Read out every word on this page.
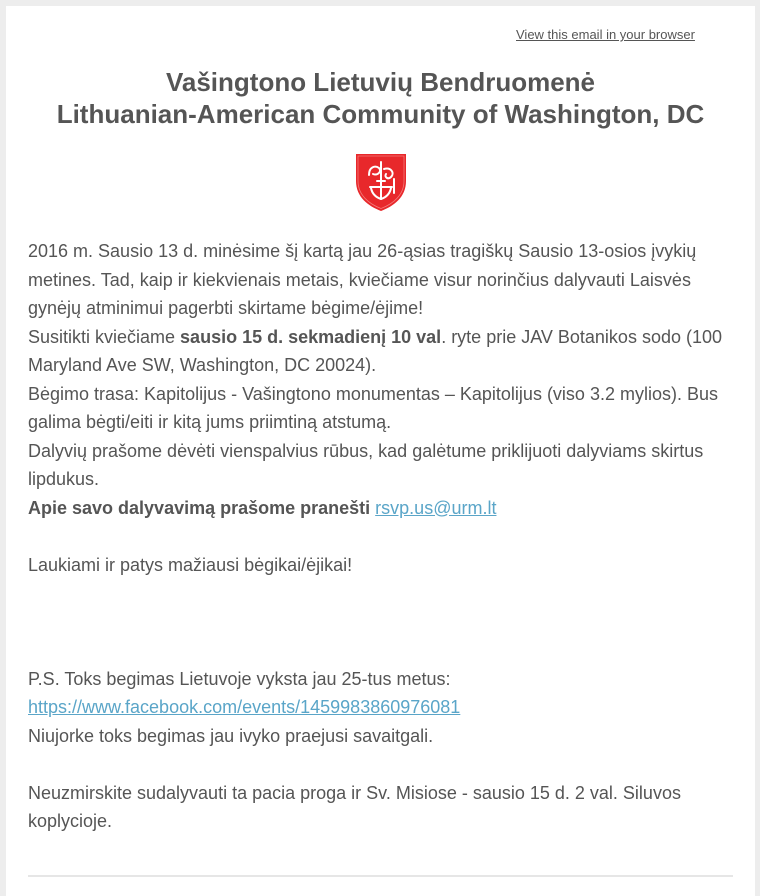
View this email in your browser
Vašingtono Lietuvių Bendruomenė
Lithuanian-American Community of Washington, DC

2016 m. Sausio 13 d. minėsime šį kartą jau 26-ąsias tragiškų Sausio 13-osios įvykių metines. Tad, kaip ir kiekvienais metais, kviečiame visur norinčius dalyvauti Laisvės gynėjų atminimui pagerbti skirtame bėgime/ėjime!

Susitikti kviečiame sausio 15 d. sekmadienį 10 val. ryte prie JAV Botanikos sodo (100 Maryland Ave SW, Washington, DC 20024).

Bėgimo trasa: Kapitolijus - Vašingtono monumentas – Kapitolijus (viso 3.2 mylios). Bus galima bėgti/eiti ir kitą jums priimtiną atstumą.

Dalyvių prašome dėvėti vienspalvius rūbus, kad galėtume priklijuoti dalyviams skirtus lipdukus.

Apie savo dalyvavimą prašome pranešti rsvp.us@urm.lt

Laukiami ir patys mažiausi bėgikai/ėjikai!

P.S. Toks begimas Lietuvoje vyksta jau 25-tus metus:

https://www.facebook.com/events/1459983860976081

Niujorke toks begimas jau ivyko praejusi savaitgali.

Neuzmirskite sudalyvauti ta pacia proga ir Sv. Misiose - sausio 15 d. 2 val. Siluvos koplycioje.
